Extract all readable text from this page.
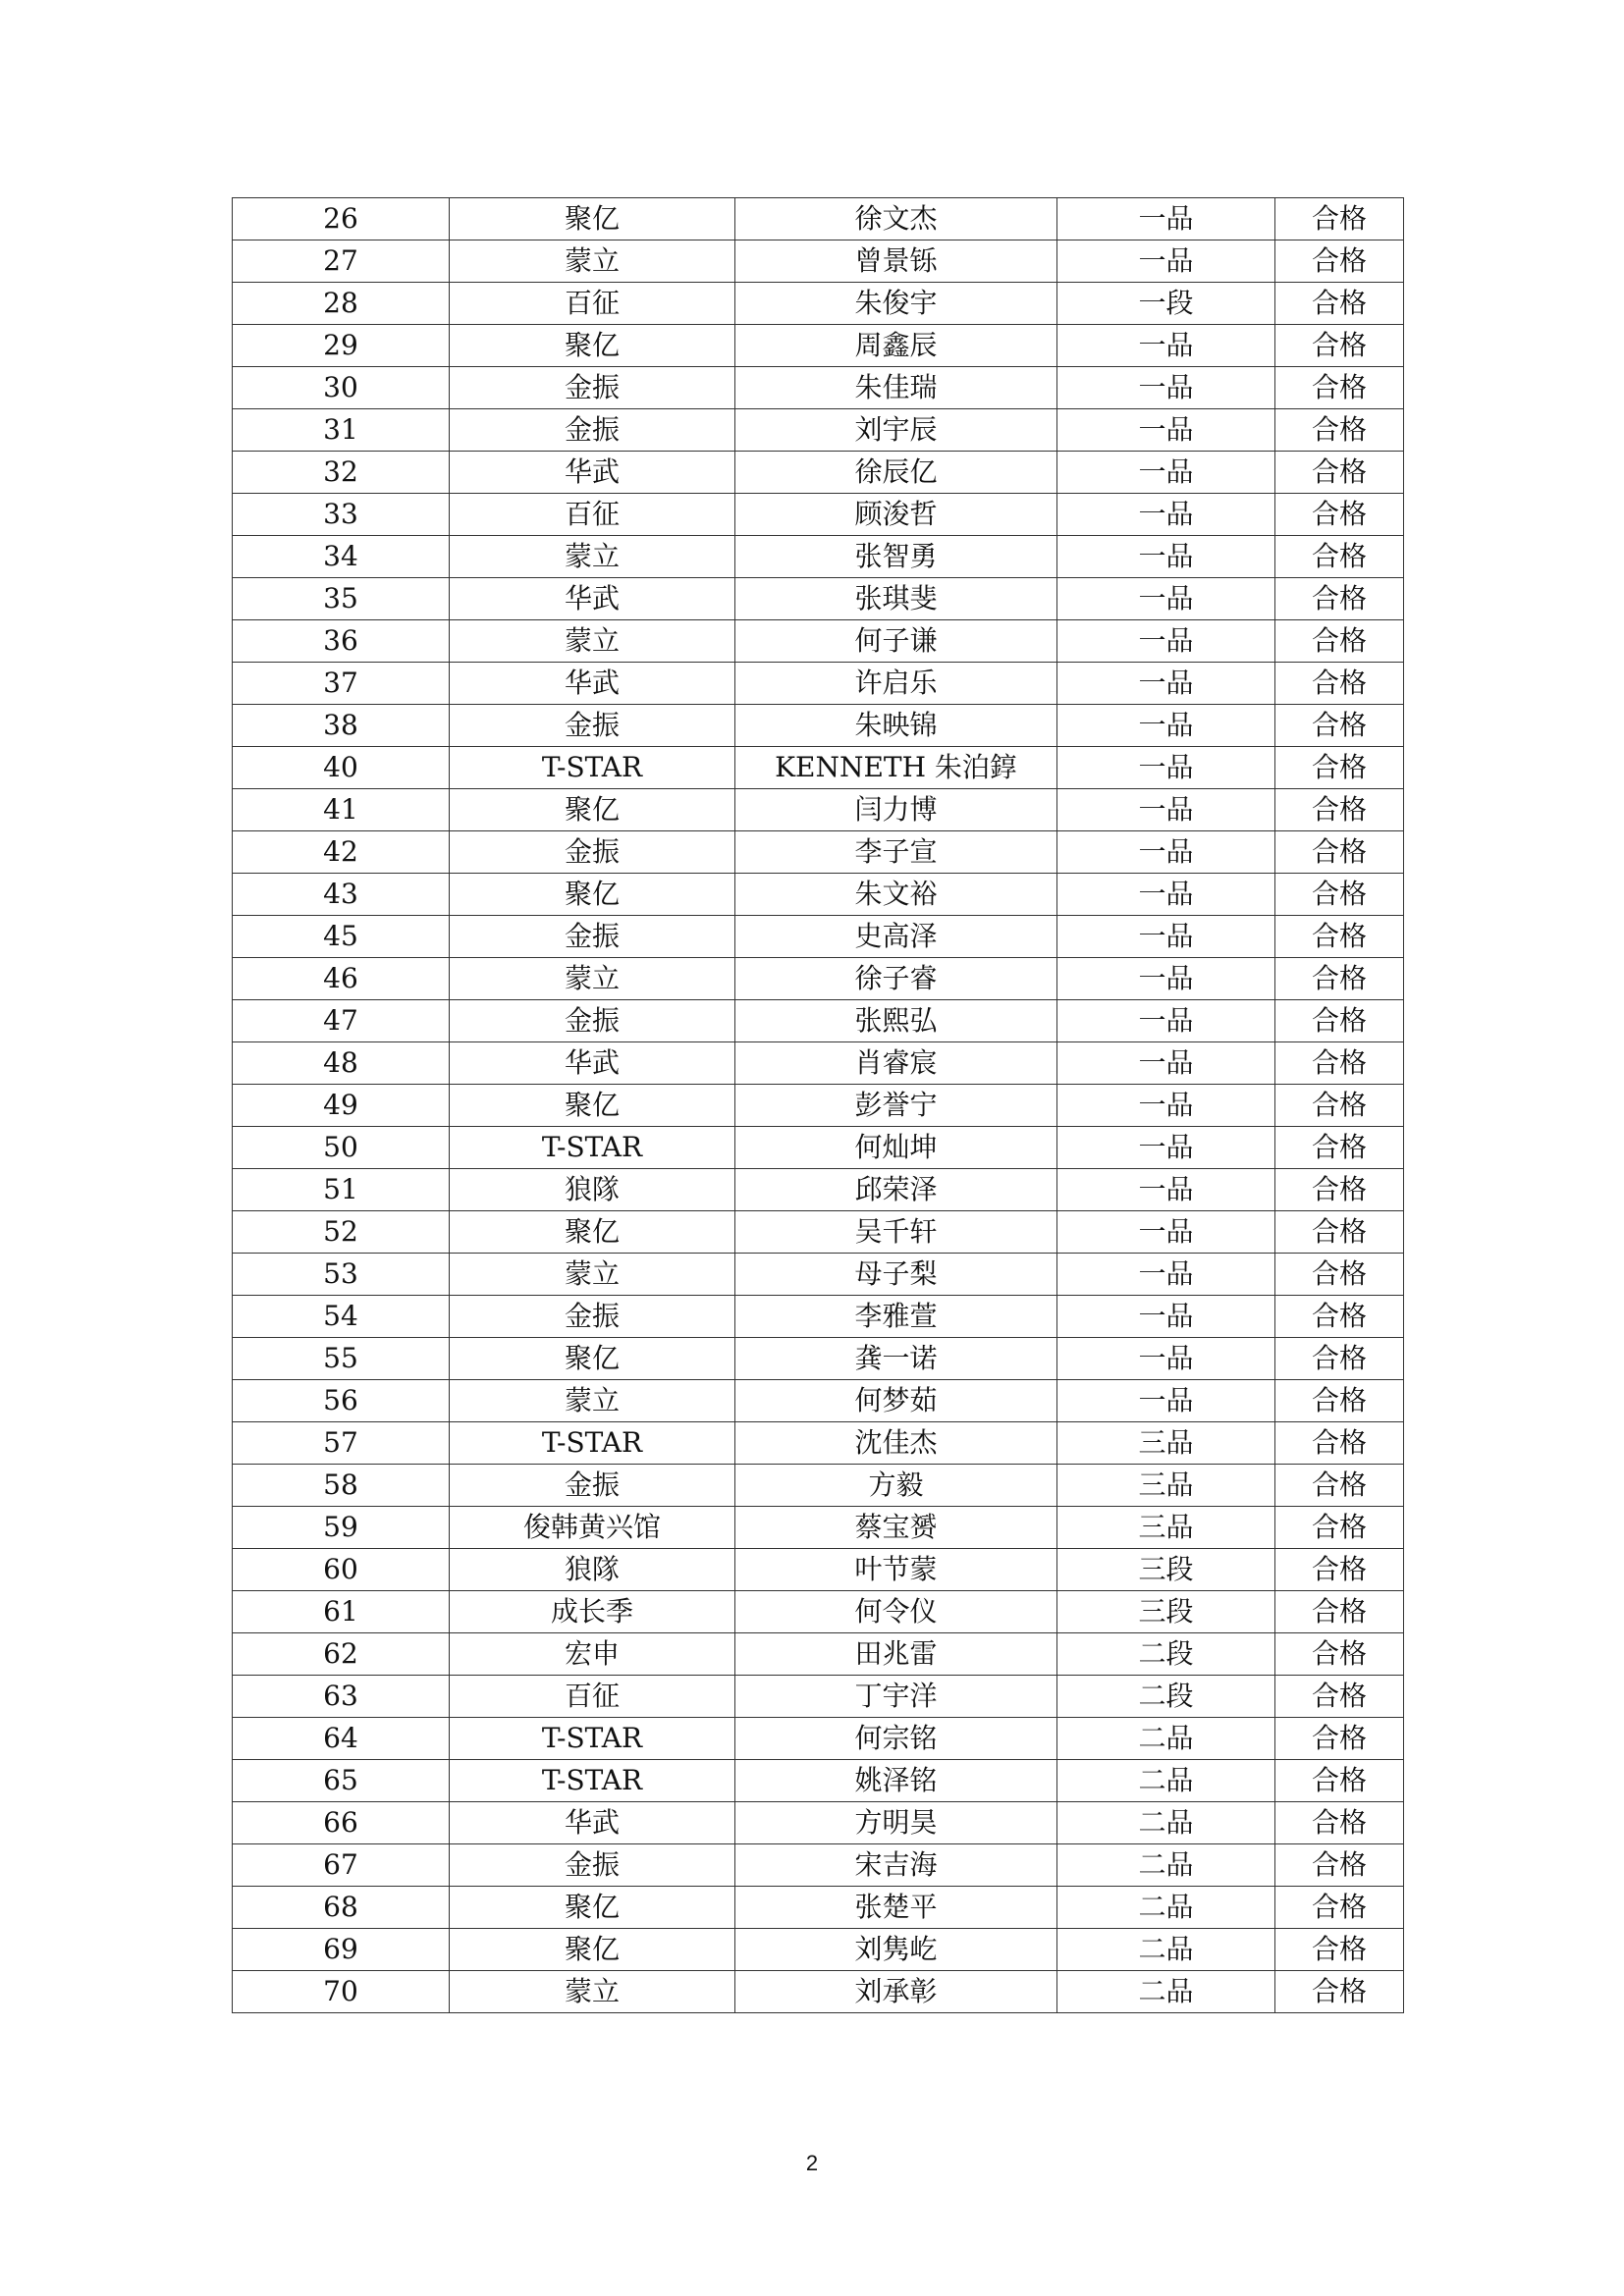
26	聚亿	徐文杰	一品	合格
27	蒙立	曾景铄	一品	合格
28	百征	朱俊宇	一段	合格
29	聚亿	周鑫辰	一品	合格
30	金振	朱佳瑞	一品	合格
31	金振	刘宇辰	一品	合格
32	华武	徐辰亿	一品	合格
33	百征	顾浚哲	一品	合格
34	蒙立	张智勇	一品	合格
35	华武	张琪斐	一品	合格
36	蒙立	何子谦	一品	合格
37	华武	许启乐	一品	合格
38	金振	朱映锦	一品	合格
40	T-STAR	KENNETH 朱泊錞	一品	合格
41	聚亿	闫力博	一品	合格
42	金振	李子宣	一品	合格
43	聚亿	朱文裕	一品	合格
45	金振	史高泽	一品	合格
46	蒙立	徐子睿	一品	合格
47	金振	张熙弘	一品	合格
48	华武	肖睿宸	一品	合格
49	聚亿	彭誉宁	一品	合格
50	T-STAR	何灿坤	一品	合格
51	狼隊	邱荣泽	一品	合格
52	聚亿	吴千轩	一品	合格
53	蒙立	母子梨	一品	合格
54	金振	李雅萱	一品	合格
55	聚亿	龚一诺	一品	合格
56	蒙立	何梦茹	一品	合格
57	T-STAR	沈佳杰	三品	合格
58	金振	方毅	三品	合格
59	俊韩黄兴馆	蔡宝赟	三品	合格
60	狼隊	叶节蒙	三段	合格
61	成长季	何令仪	三段	合格
62	宏申	田兆雷	二段	合格
63	百征	丁宇洋	二段	合格
64	T-STAR	何宗铭	二品	合格
65	T-STAR	姚泽铭	二品	合格
66	华武	方明昊	二品	合格
67	金振	宋吉海	二品	合格
68	聚亿	张楚平	二品	合格
69	聚亿	刘隽屹	二品	合格
70	蒙立	刘承彰	二品	合格
2
